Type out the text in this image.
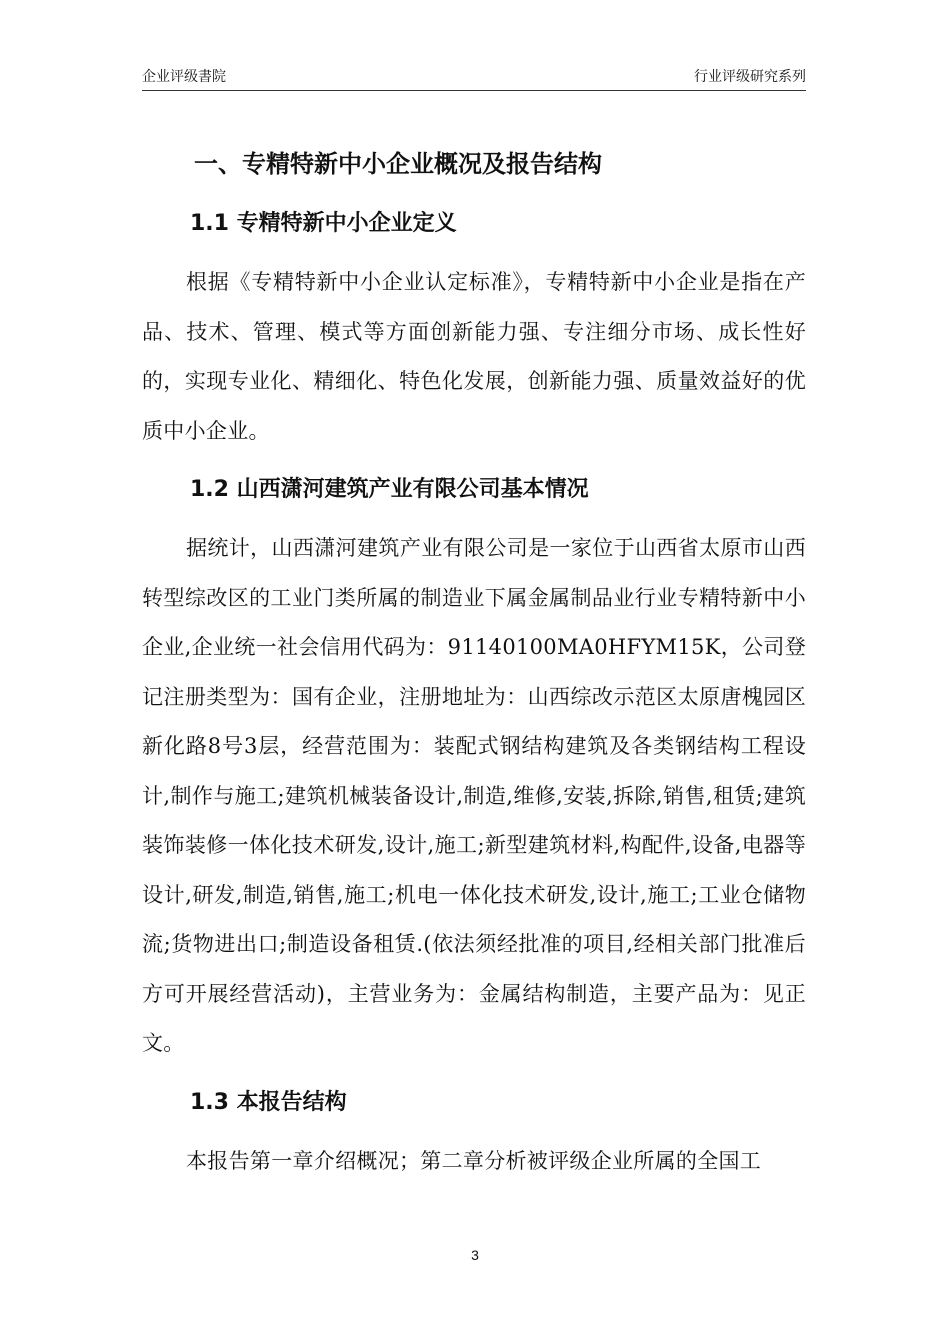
企业评级書院	行业评级研究系列
一、专精特新中小企业概况及报告结构
1.1 专精特新中小企业定义

根据《专精特新中小企业认定标准》，专精特新中小企业是指在产品、技术、管理、模式等方面创新能力强、专注细分市场、成长性好的，实现专业化、精细化、特色化发展，创新能力强、质量效益好的优质中小企业。

1.2 山西潇河建筑产业有限公司基本情况

据统计，山西潇河建筑产业有限公司是一家位于山西省太原市山西转型综改区的工业门类所属的制造业下属金属制品业行业专精特新中小企业,企业统一社会信用代码为：91140100MA0HFYM15K，公司登记注册类型为：国有企业，注册地址为：山西综改示范区太原唐槐园区新化路8号3层，经营范围为：装配式钢结构建筑及各类钢结构工程设计,制作与施工;建筑机械装备设计,制造,维修,安装,拆除,销售,租赁;建筑装饰装修一体化技术研发,设计,施工;新型建筑材料,构配件,设备,电器等设计,研发,制造,销售,施工;机电一体化技术研发,设计,施工;工业仓储物流;货物进出口;制造设备租赁.(依法须经批准的项目,经相关部门批准后方可开展经营活动)，主营业务为：金属结构制造，主要产品为：见正文。

1.3 本报告结构

本报告第一章介绍概况；第二章分析被评级企业所属的全国工

3
